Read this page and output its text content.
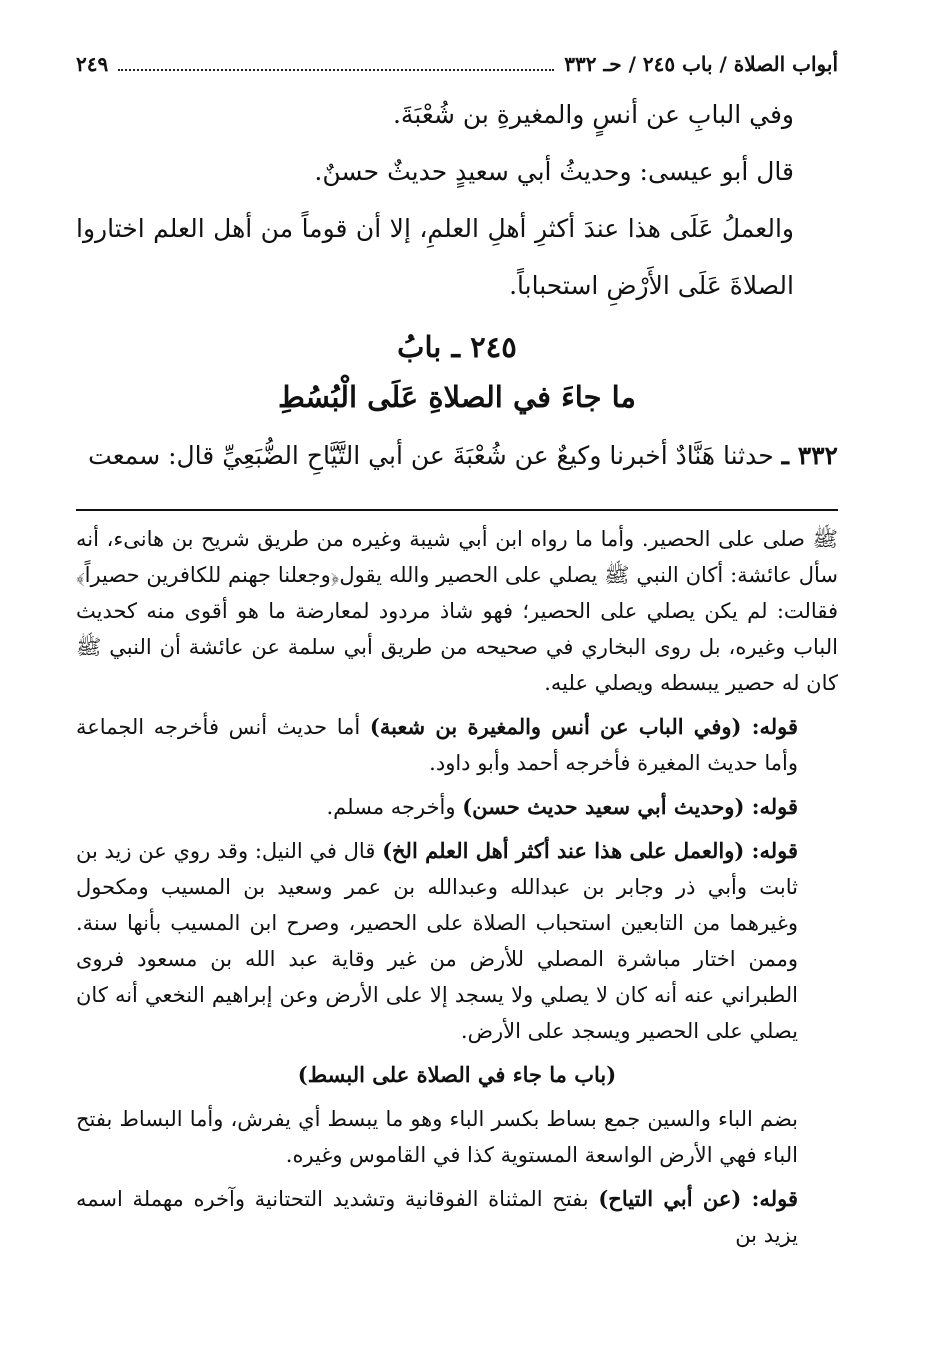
أبواب الصلاة / باب ٢٤٥ / حـ ٣٣٢
٢٤٩

وفي البابِ عن أنسٍ والمغيرةِ بن شُعْبَةَ.

قال أبو عيسى: وحديثُ أبي سعيدٍ حديثٌ حسنٌ.

والعملُ عَلَى هذا عندَ أكثرِ أهلِ العلمِ، إلا أن قوماً من أهل العلم اختاروا الصلاةَ عَلَى الأَرْضِ استحباباً.

٢٤٥ ـ بابُ
ما جاءَ في الصلاةِ عَلَى الْبُسُطِ

٣٣٢ ـ حدثنا هَنَّادٌ أخبرنا وكيعٌ عن شُعْبَةَ عن أبي التَّيَّاحِ الضُّبَعِيِّ قال: سمعت

ﷺ صلى على الحصير. وأما ما رواه ابن أبي شيبة وغيره من طريق شريح بن هانىء، أنه سأل عائشة: أكان النبي ﷺ يصلي على الحصير والله يقول﴿وجعلنا جهنم للكافرين حصيراً﴾ فقالت: لم يكن يصلي على الحصير؛ فهو شاذ مردود لمعارضة ما هو أقوى منه كحديث الباب وغيره، بل روى البخاري في صحيحه من طريق أبي سلمة عن عائشة أن النبي ﷺ كان له حصير يبسطه ويصلي عليه.

قوله: (وفي الباب عن أنس والمغيرة بن شعبة) أما حديث أنس فأخرجه الجماعة وأما حديث المغيرة فأخرجه أحمد وأبو داود.

قوله: (وحديث أبي سعيد حديث حسن) وأخرجه مسلم.

قوله: (والعمل على هذا عند أكثر أهل العلم الخ) قال في النيل: وقد روي عن زيد بن ثابت وأبي ذر وجابر بن عبدالله وعبدالله بن عمر وسعيد بن المسيب ومكحول وغيرهما من التابعين استحباب الصلاة على الحصير، وصرح ابن المسيب بأنها سنة. وممن اختار مباشرة المصلي للأرض من غير وقاية عبد الله بن مسعود فروى الطبراني عنه أنه كان لا يصلي ولا يسجد إلا على الأرض وعن إبراهيم النخعي أنه كان يصلي على الحصير ويسجد على الأرض.

(باب ما جاء في الصلاة على البسط)

بضم الباء والسين جمع بساط بكسر الباء وهو ما يبسط أي يفرش، وأما البساط بفتح الباء فهي الأرض الواسعة المستوية كذا في القاموس وغيره.

قوله: (عن أبي التياح) بفتح المثناة الفوقانية وتشديد التحتانية وآخره مهملة اسمه يزيد بن
